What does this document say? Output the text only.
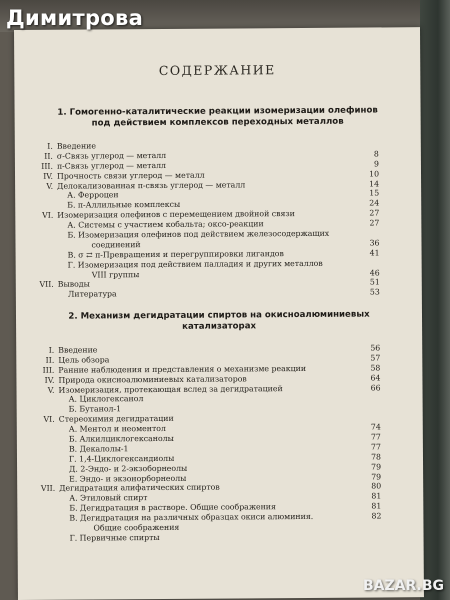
СОДЕРЖАНИЕ
1. Гомогенно-каталитические реакции изомеризации олефинов
под действием комплексов переходных металлов
I. Введение
II. σ-Связь углерод — металл	8
III. π-Связь углерод — металл	9
IV. Прочность связи углерод — металл	10
V. Делокализованная π-связь углерод — металл	14
А. Ферроцен	15
Б. π-Аллильные комплексы	24
VI. Изомеризация олефинов с перемещением двойной связи	27
А. Системы с участием кобальта; оксо-реакции	27
Б. Изомеризация олефинов под действием железосодержащих
соединений	36
В. σ ⇄ π-Превращения и перегруппировки лигандов	41
Г. Изомеризация под действием палладия и других металлов
VIII группы	46
VII. Выводы	51
Литература	53
2. Механизм дегидратации спиртов на окисноалюминиевых
катализаторах
I. Введение	56
II. Цель обзора	57
III. Ранние наблюдения и представления о механизме реакции	58
IV. Природа окисноалюминиевых катализаторов	64
V. Изомеризация, протекающая вслед за дегидратацией	66
А. Циклогексанол
Б. Бутанол-1
VI. Стереохимия дегидратации
А. Ментол и неоментол	74
Б. Алкилциклогексанолы	77
В. Декалолы-1	77
Г. 1,4-Циклогександиолы	78
Д. 2-Эндо- и 2-экзоборнеолы	79
Е. Эндо- и экзонорборнеолы	79
VII. Дегидратация алифатических спиртов	80
А. Этиловый спирт	81
Б. Дегидратация в растворе. Общие соображения	81
В. Дегидратация на различных образцах окиси алюминия.	82
Общие соображения
Г. Первичные спирты
Димитрова
BAZAR.BG
